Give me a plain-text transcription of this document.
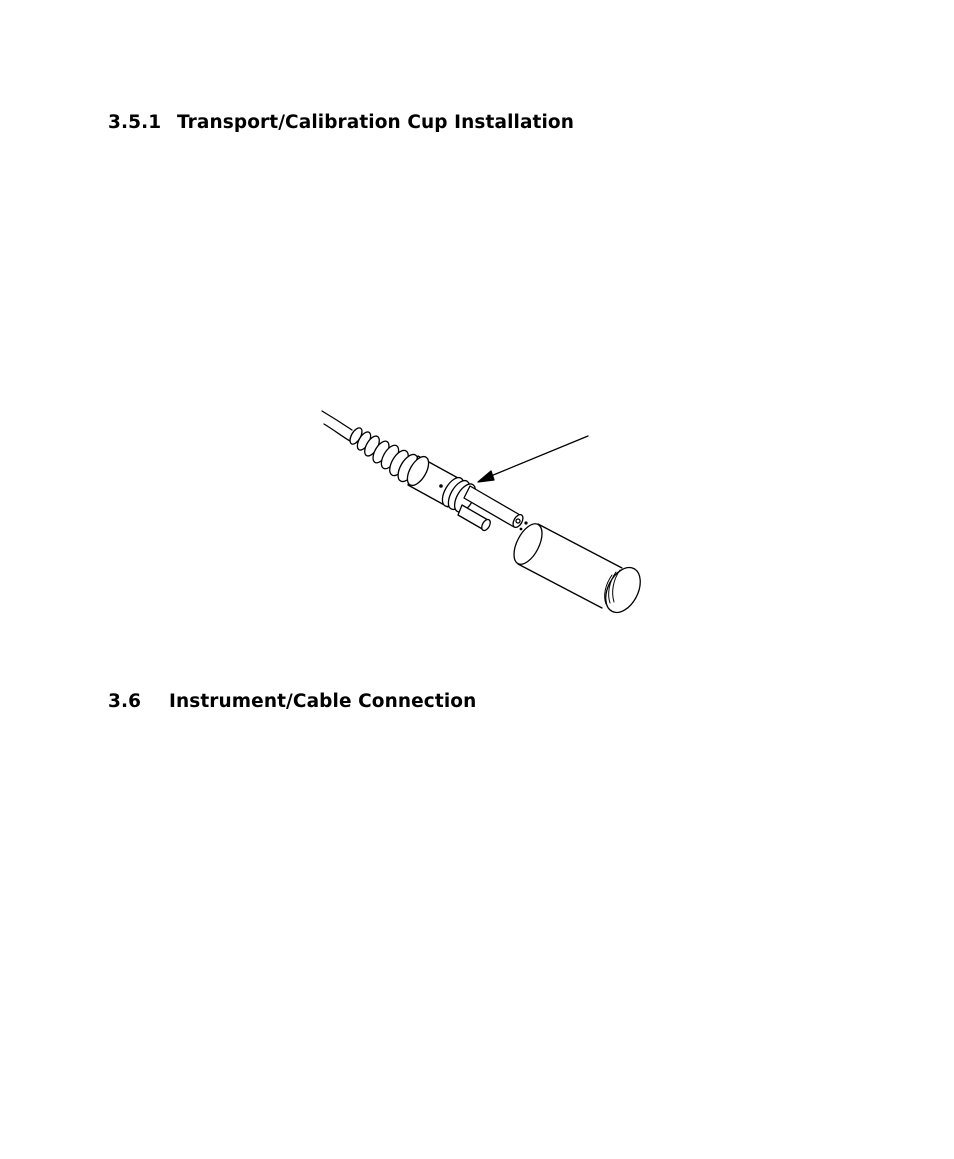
3.5.1 Transport/Calibration Cup Installation
3.6 Instrument/Cable Connection
